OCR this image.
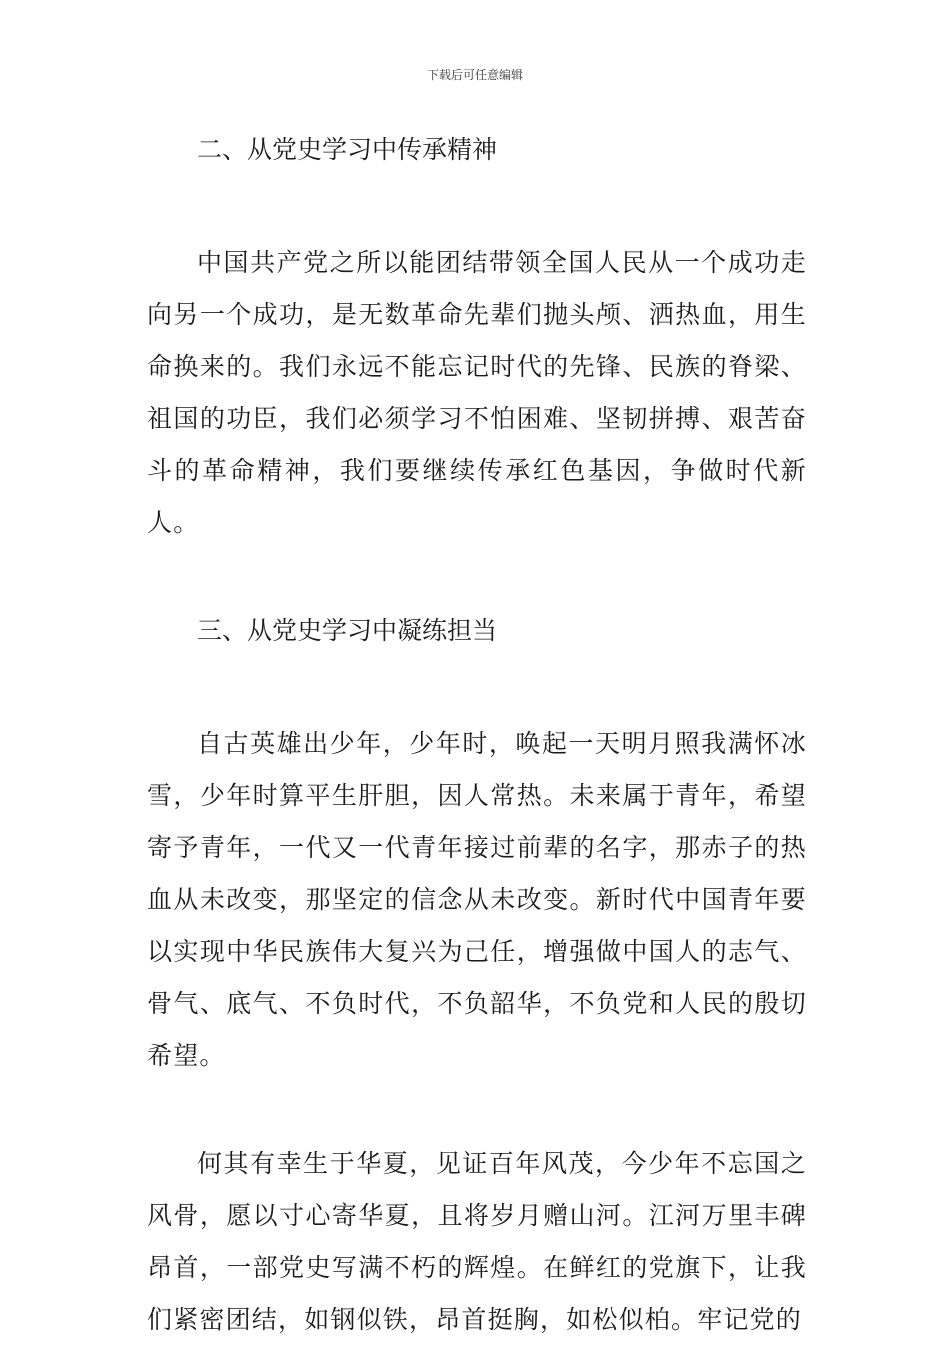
下载后可任意编辑

二、从党史学习中传承精神

中国共产党之所以能团结带领全国人民从一个成功走向另一个成功，是无数革命先辈们抛头颅、洒热血，用生命换来的。我们永远不能忘记时代的先锋、民族的脊梁、祖国的功臣，我们必须学习不怕困难、坚韧拼搏、艰苦奋斗的革命精神，我们要继续传承红色基因，争做时代新人。

三、从党史学习中凝练担当

自古英雄出少年，少年时，唤起一天明月照我满怀冰雪，少年时算平生肝胆，因人常热。未来属于青年，希望寄予青年，一代又一代青年接过前辈的名字，那赤子的热血从未改变，那坚定的信念从未改变。新时代中国青年要以实现中华民族伟大复兴为己任，增强做中国人的志气、骨气、底气、不负时代，不负韶华，不负党和人民的殷切希望。

何其有幸生于华夏，见证百年风茂，今少年不忘国之风骨，愿以寸心寄华夏，且将岁月赠山河。江河万里丰碑昂首，一部党史写满不朽的辉煌。在鲜红的党旗下，让我们紧密团结，如钢似铁，昂首挺胸，如松似柏。牢记党的
